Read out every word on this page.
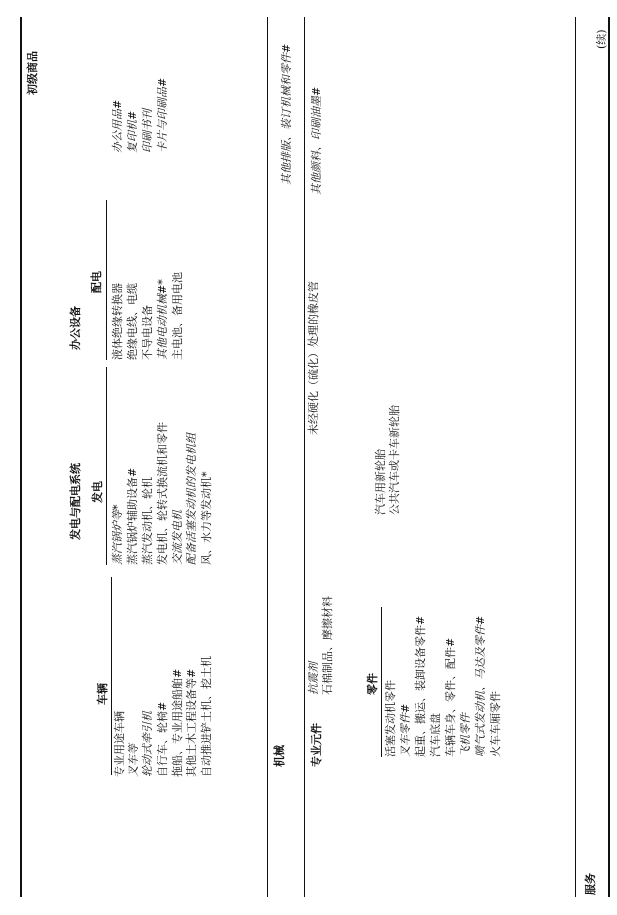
(续)
初级商品
机械 专业元件
服务
发电与配电系统
办公设备
车辆
发电
配电
专业用途车辆 叉车等 轮动式牵引机 自行车、轮椅# 拖船、专业用途船舶# 其他土木工程设备等# 自动推进铲土机、挖土机
蒸汽锅炉等* 蒸汽锅炉辅助设备# 蒸汽发动机、轮机 发电机、轮转式换流机和零件 交流发电机 配备活塞发动机的发电机组 风、水力等发动机*
液体绝缘转换器 绝缘电线、电缆 不导电设备 其他电动机械#* 主电池、备用电池
办公用品# 复印机# 印刷书刊 卡片与印刷品#	其他排版、装订机械和零件#
抗震剂 石棉制品、摩擦材料
未经硬化（硫化）处理的橡皮管
其他颜料、印刷油墨#
汽车用新轮胎 公共汽车或卡车新轮胎
零件 活塞发动机零件 叉车零件# 起重、搬运、装卸设备零件# 汽车底盘 车辆车身、零件、配件# 飞机零件 喷气式发动机、马达及零件# 火车车厢零件
